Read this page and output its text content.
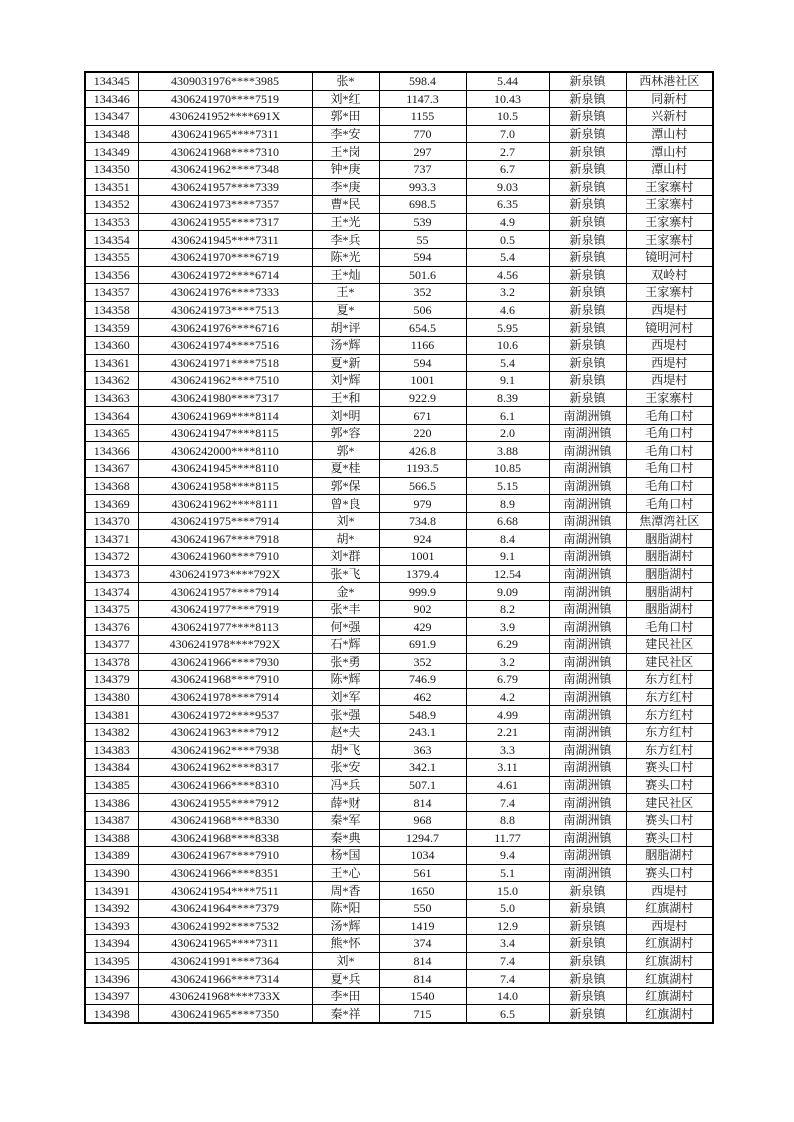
134345	4309031976****3985	张*	598.4	5.44	新泉镇	西林港社区
134346	4306241970****7519	刘*红	1147.3	10.43	新泉镇	同新村
134347	4306241952****691X	郭*田	1155	10.5	新泉镇	兴新村
134348	4306241965****7311	李*安	770	7.0	新泉镇	潭山村
134349	4306241968****7310	王*岗	297	2.7	新泉镇	潭山村
134350	4306241962****7348	钟*庚	737	6.7	新泉镇	潭山村
134351	4306241957****7339	李*庚	993.3	9.03	新泉镇	王家寨村
134352	4306241973****7357	曹*民	698.5	6.35	新泉镇	王家寨村
134353	4306241955****7317	王*光	539	4.9	新泉镇	王家寨村
134354	4306241945****7311	李*兵	55	0.5	新泉镇	王家寨村
134355	4306241970****6719	陈*光	594	5.4	新泉镇	镜明河村
134356	4306241972****6714	王*灿	501.6	4.56	新泉镇	双岭村
134357	4306241976****7333	王*	352	3.2	新泉镇	王家寨村
134358	4306241973****7513	夏*	506	4.6	新泉镇	西堤村
134359	4306241976****6716	胡*评	654.5	5.95	新泉镇	镜明河村
134360	4306241974****7516	汤*辉	1166	10.6	新泉镇	西堤村
134361	4306241971****7518	夏*新	594	5.4	新泉镇	西堤村
134362	4306241962****7510	刘*辉	1001	9.1	新泉镇	西堤村
134363	4306241980****7317	王*和	922.9	8.39	新泉镇	王家寨村
134364	4306241969****8114	刘*明	671	6.1	南湖洲镇	毛角口村
134365	4306241947****8115	郭*容	220	2.0	南湖洲镇	毛角口村
134366	4306242000****8110	郭*	426.8	3.88	南湖洲镇	毛角口村
134367	4306241945****8110	夏*桂	1193.5	10.85	南湖洲镇	毛角口村
134368	4306241958****8115	郭*保	566.5	5.15	南湖洲镇	毛角口村
134369	4306241962****8111	曾*良	979	8.9	南湖洲镇	毛角口村
134370	4306241975****7914	刘*	734.8	6.68	南湖洲镇	焦潭湾社区
134371	4306241967****7918	胡*	924	8.4	南湖洲镇	胭脂湖村
134372	4306241960****7910	刘*群	1001	9.1	南湖洲镇	胭脂湖村
134373	4306241973****792X	张*飞	1379.4	12.54	南湖洲镇	胭脂湖村
134374	4306241957****7914	金*	999.9	9.09	南湖洲镇	胭脂湖村
134375	4306241977****7919	张*丰	902	8.2	南湖洲镇	胭脂湖村
134376	4306241977****8113	何*强	429	3.9	南湖洲镇	毛角口村
134377	4306241978****792X	石*辉	691.9	6.29	南湖洲镇	建民社区
134378	4306241966****7930	张*勇	352	3.2	南湖洲镇	建民社区
134379	4306241968****7910	陈*辉	746.9	6.79	南湖洲镇	东方红村
134380	4306241978****7914	刘*军	462	4.2	南湖洲镇	东方红村
134381	4306241972****9537	张*强	548.9	4.99	南湖洲镇	东方红村
134382	4306241963****7912	赵*夫	243.1	2.21	南湖洲镇	东方红村
134383	4306241962****7938	胡*飞	363	3.3	南湖洲镇	东方红村
134384	4306241962****8317	张*安	342.1	3.11	南湖洲镇	赛头口村
134385	4306241966****8310	冯*兵	507.1	4.61	南湖洲镇	赛头口村
134386	4306241955****7912	薛*财	814	7.4	南湖洲镇	建民社区
134387	4306241968****8330	秦*军	968	8.8	南湖洲镇	赛头口村
134388	4306241968****8338	秦*典	1294.7	11.77	南湖洲镇	赛头口村
134389	4306241967****7910	杨*国	1034	9.4	南湖洲镇	胭脂湖村
134390	4306241966****8351	王*心	561	5.1	南湖洲镇	赛头口村
134391	4306241954****7511	周*香	1650	15.0	新泉镇	西堤村
134392	4306241964****7379	陈*阳	550	5.0	新泉镇	红旗湖村
134393	4306241992****7532	汤*辉	1419	12.9	新泉镇	西堤村
134394	4306241965****7311	熊*怀	374	3.4	新泉镇	红旗湖村
134395	4306241991****7364	刘*	814	7.4	新泉镇	红旗湖村
134396	4306241966****7314	夏*兵	814	7.4	新泉镇	红旗湖村
134397	4306241968****733X	李*田	1540	14.0	新泉镇	红旗湖村
134398	4306241965****7350	秦*祥	715	6.5	新泉镇	红旗湖村
